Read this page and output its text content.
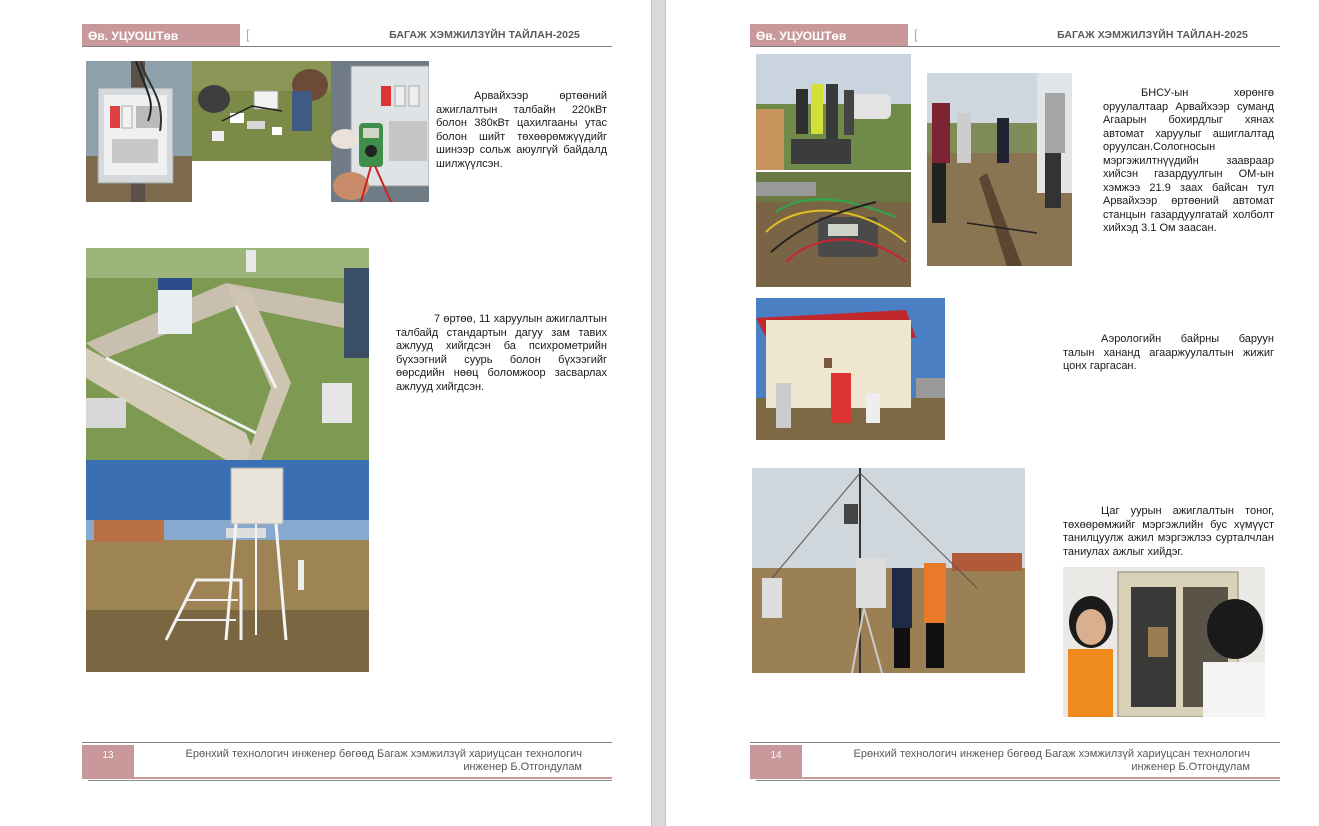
Өв. УЦУОШТөв	[	БАГАЖ ХЭМЖИЛЗҮЙН ТАЙЛАН-2025

Арвайхээр өртөөний ажиглалтын талбайн 220кВт болон 380кВт цахилгааны утас болон шийт төхөөрөмжүүдийг шинээр сольж аюулгүй байдалд шилжүүлсэн.

7 өртөө, 11 харуулын ажиглалтын талбайд стандартын дагуу зам тавих ажлууд хийгдсэн ба психрометрийн бүхээгний суурь болон бүхээгийг өөрсдийн нөөц боломжоор засварлах ажлууд хийгдсэн.

13	Ерөнхий технологич инженер бөгөөд Багаж хэмжилзүй хариуцсан технологич
инженер Б.Отгондулам
Өв. УЦУОШТөв	[	БАГАЖ ХЭМЖИЛЗҮЙН ТАЙЛАН-2025

БНСУ-ын хөрөнгө оруулалтаар Арвайхээр суманд Агаарын бохирдлыг хянах автомат харуулыг ашиглалтад оруулсан.Сологносын мэргэжилтнүүдийн заавраар хийсэн газардуулгын ОМ-ын хэмжээ 21.9 заах байсан тул Арвайхээр өртөөний автомат станцын газардуулгатай холболт хийхэд 3.1 Ом заасан.

Аэрологийн байрны баруун талын хананд агааржуулалтын жижиг цонх гаргасан.

Цаг уурын ажиглалтын тоног, төхөөрөмжийг мэргэжлийн бус хүмүүст танилцуулж ажил мэргэжлээ сурталчлан таниулах ажлыг хийдэг.

14	Ерөнхий технологич инженер бөгөөд Багаж хэмжилзүй хариуцсан технологич
инженер Б.Отгондулам
